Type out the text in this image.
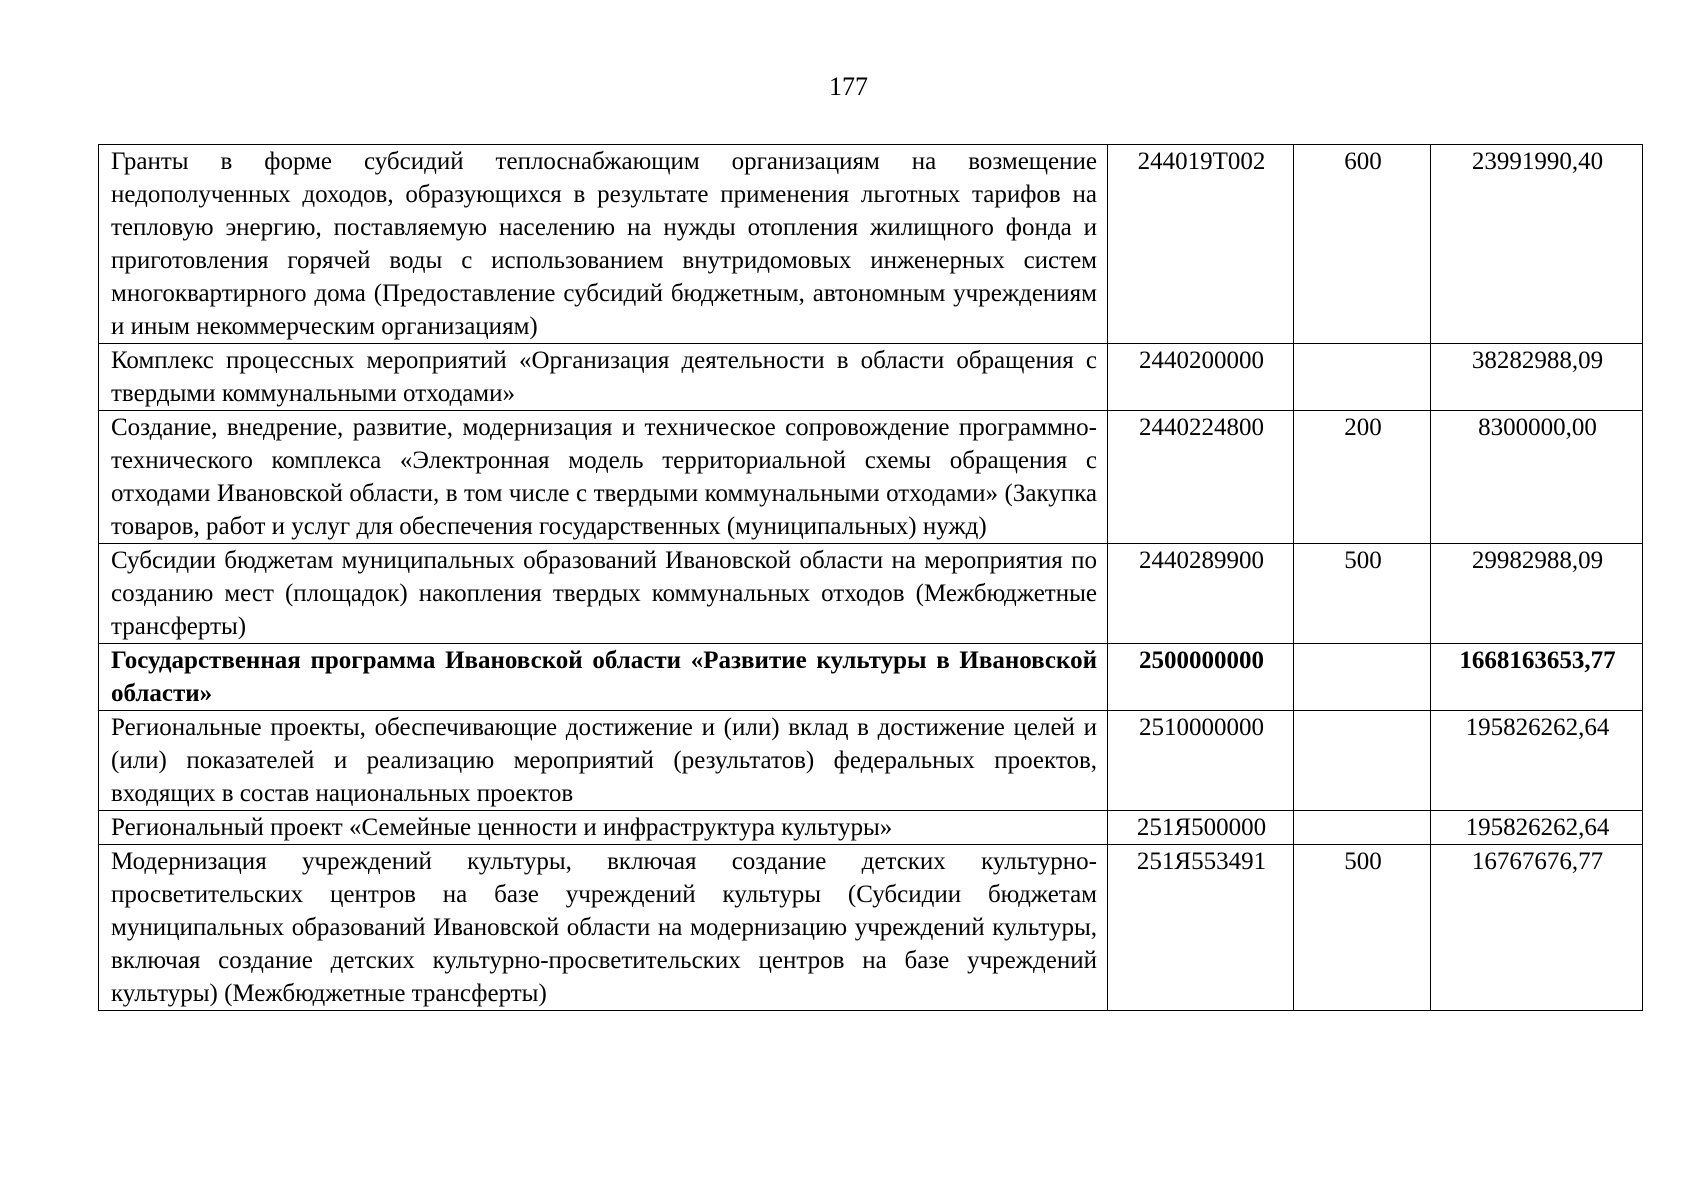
177
Гранты в форме субсидий теплоснабжающим организациям на возмещение недополученных доходов, образующихся в результате применения льготных тарифов на тепловую энергию, поставляемую населению на нужды отопления жилищного фонда и приготовления горячей воды с использованием внутридомовых инженерных систем многоквартирного дома (Предоставление субсидий бюджетным, автономным учреждениям и иным некоммерческим организациям)	244019Т002	600	23991990,40
Комплекс процессных мероприятий «Организация деятельности в области обращения с твердыми коммунальными отходами»	2440200000		38282988,09
Создание, внедрение, развитие, модернизация и техническое сопровождение программно-технического комплекса «Электронная модель территориальной схемы обращения с отходами Ивановской области, в том числе с твердыми коммунальными отходами» (Закупка товаров, работ и услуг для обеспечения государственных (муниципальных) нужд)	2440224800	200	8300000,00
Субсидии бюджетам муниципальных образований Ивановской области на мероприятия по созданию мест (площадок) накопления твердых коммунальных отходов (Межбюджетные трансферты)	2440289900	500	29982988,09
Государственная программа Ивановской области «Развитие культуры в Ивановской области»	2500000000		1668163653,77
Региональные проекты, обеспечивающие достижение и (или) вклад в достижение целей и (или) показателей и реализацию мероприятий (результатов) федеральных проектов, входящих в состав национальных проектов	2510000000		195826262,64
Региональный проект «Семейные ценности и инфраструктура культуры»	251Я500000		195826262,64
Модернизация учреждений культуры, включая создание детских культурно-просветительских центров на базе учреждений культуры (Субсидии бюджетам муниципальных образований Ивановской области на модернизацию учреждений культуры, включая создание детских культурно-просветительских центров на базе учреждений культуры) (Межбюджетные трансферты)	251Я553491	500	16767676,77
